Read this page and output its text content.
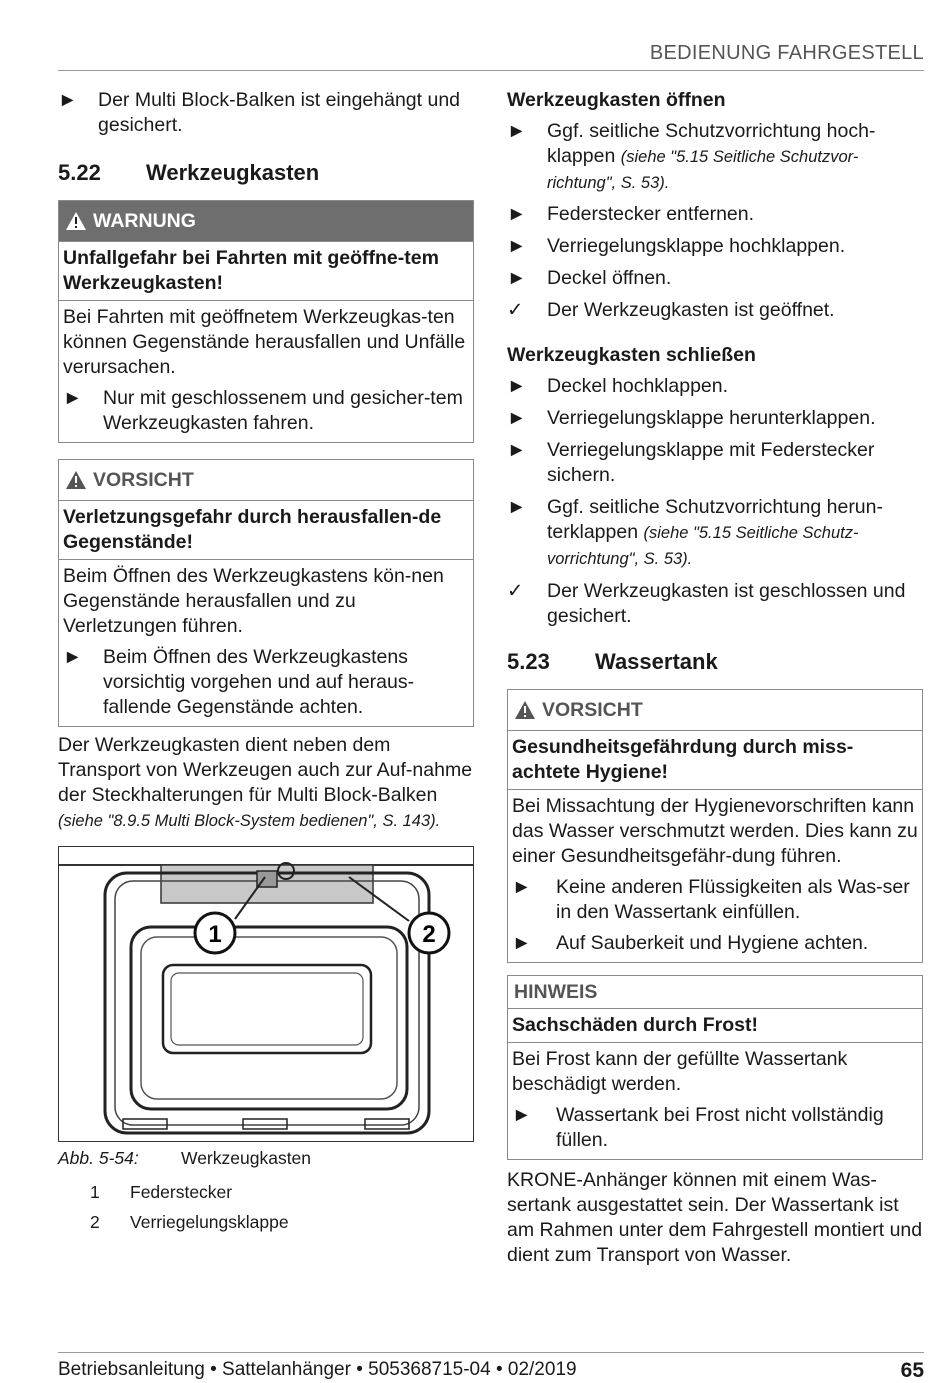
BEDIENUNG FAHRGESTELL
►	Der Multi Block-Balken ist eingehängt und gesichert.
5.22	Werkzeugkasten
WARNUNG
Unfallgefahr bei Fahrten mit geöffne-tem Werkzeugkasten!

Bei Fahrten mit geöffnetem Werkzeugkas-ten können Gegenstände herausfallen und Unfälle verursachen.

►	Nur mit geschlossenem und gesicher-tem Werkzeugkasten fahren.
VORSICHT
Verletzungsgefahr durch herausfallen-de Gegenstände!

Beim Öffnen des Werkzeugkastens kön-nen Gegenstände herausfallen und zu Verletzungen führen.

►	Beim Öffnen des Werkzeugkastens vorsichtig vorgehen und auf heraus-fallende Gegenstände achten.

Der Werkzeugkasten dient neben dem Transport von Werkzeugen auch zur Auf-nahme der Steckhalterungen für Multi Block-Balken (siehe "8.9.5 Multi Block-System bedienen", S. 143).

1	2
Abb. 5-54:	Werkzeugkasten
1	Federstecker
2	Verriegelungsklappe
Werkzeugkasten öffnen
►	Ggf. seitliche Schutzvorrichtung hoch-klappen (siehe "5.15 Seitliche Schutzvor-richtung", S. 53).
►	Federstecker entfernen.
►	Verriegelungsklappe hochklappen.
►	Deckel öffnen.
✓	Der Werkzeugkasten ist geöffnet.
Werkzeugkasten schließen
►	Deckel hochklappen.
►	Verriegelungsklappe herunterklappen.
►	Verriegelungsklappe mit Federstecker sichern.
►	Ggf. seitliche Schutzvorrichtung herun-terklappen (siehe "5.15 Seitliche Schutz-vorrichtung", S. 53).
✓	Der Werkzeugkasten ist geschlossen und gesichert.
5.23	Wassertank
VORSICHT
Gesundheitsgefährdung durch miss-achtete Hygiene!

Bei Missachtung der Hygienevorschriften kann das Wasser verschmutzt werden. Dies kann zu einer Gesundheitsgefähr-dung führen.

►	Keine anderen Flüssigkeiten als Was-ser in den Wassertank einfüllen.
►	Auf Sauberkeit und Hygiene achten.
HINWEIS
Sachschäden durch Frost!

Bei Frost kann der gefüllte Wassertank beschädigt werden.

►	Wassertank bei Frost nicht vollständig füllen.

KRONE-Anhänger können mit einem Was-sertank ausgestattet sein. Der Wassertank ist am Rahmen unter dem Fahrgestell montiert und dient zum Transport von Wasser.

Betriebsanleitung • Sattelanhänger • 505368715-04 • 02/2019	65
